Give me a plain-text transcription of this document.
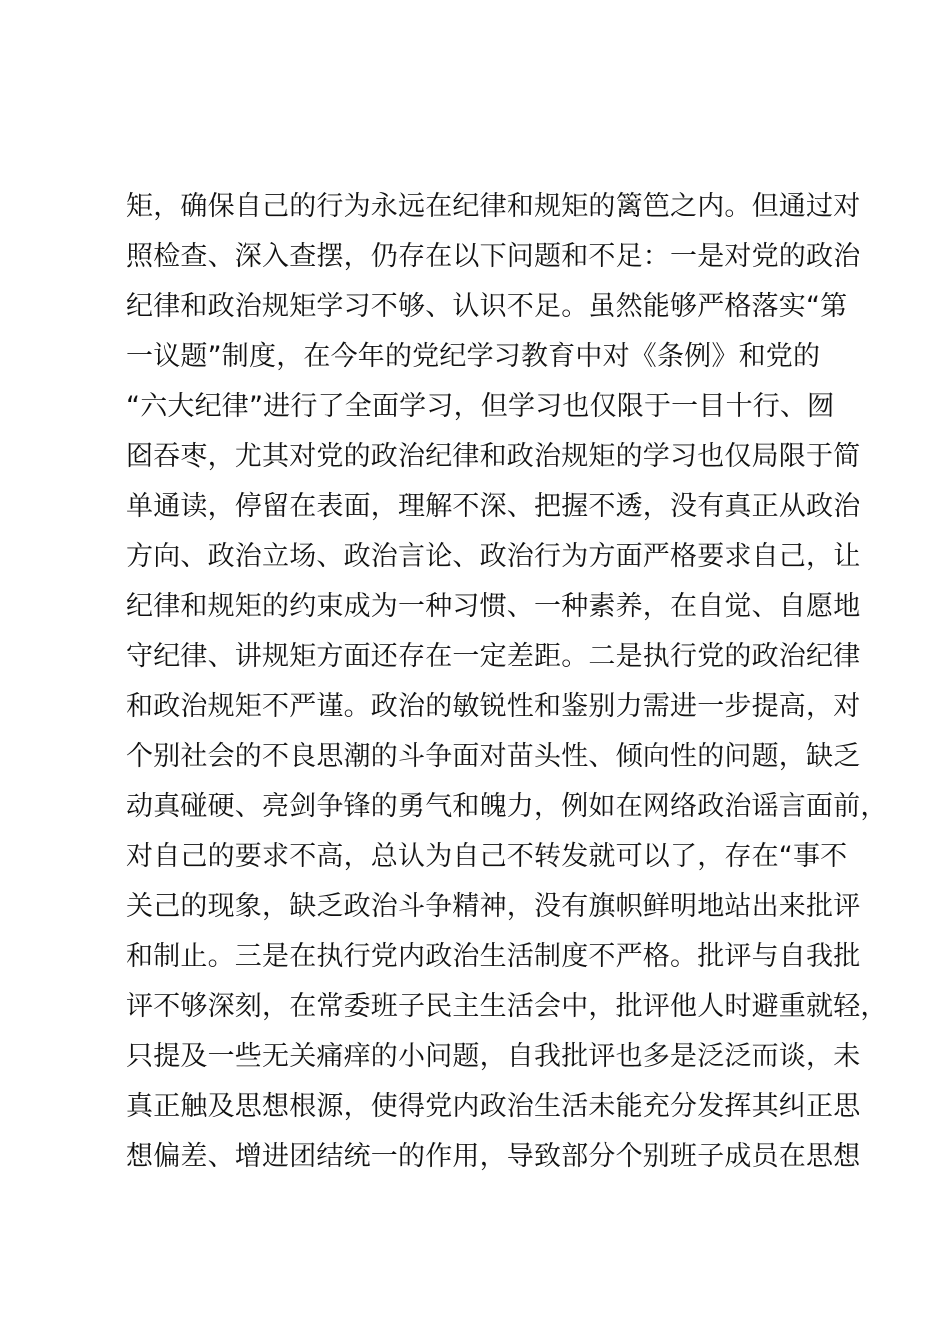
矩，确保自己的行为永远在纪律和规矩的篱笆之内。但通过对
照检查、深入查摆，仍存在以下问题和不足：一是对党的政治
纪律和政治规矩学习不够、认识不足。虽然能够严格落实“第
一议题”制度，在今年的党纪学习教育中对《条例》和党的
“六大纪律”进行了全面学习，但学习也仅限于一目十行、囫
囵吞枣，尤其对党的政治纪律和政治规矩的学习也仅局限于简
单通读，停留在表面，理解不深、把握不透，没有真正从政治
方向、政治立场、政治言论、政治行为方面严格要求自己，让
纪律和规矩的约束成为一种习惯、一种素养，在自觉、自愿地
守纪律、讲规矩方面还存在一定差距。二是执行党的政治纪律
和政治规矩不严谨。政治的敏锐性和鉴别力需进一步提高，对
个别社会的不良思潮的斗争面对苗头性、倾向性的问题，缺乏
动真碰硬、亮剑争锋的勇气和魄力，例如在网络政治谣言面前，
对自己的要求不高，总认为自己不转发就可以了，存在“事不
关己的现象，缺乏政治斗争精神，没有旗帜鲜明地站出来批评
和制止。三是在执行党内政治生活制度不严格。批评与自我批
评不够深刻，在常委班子民主生活会中，批评他人时避重就轻，
只提及一些无关痛痒的小问题，自我批评也多是泛泛而谈，未
真正触及思想根源，使得党内政治生活未能充分发挥其纠正思
想偏差、增进团结统一的作用，导致部分个别班子成员在思想
